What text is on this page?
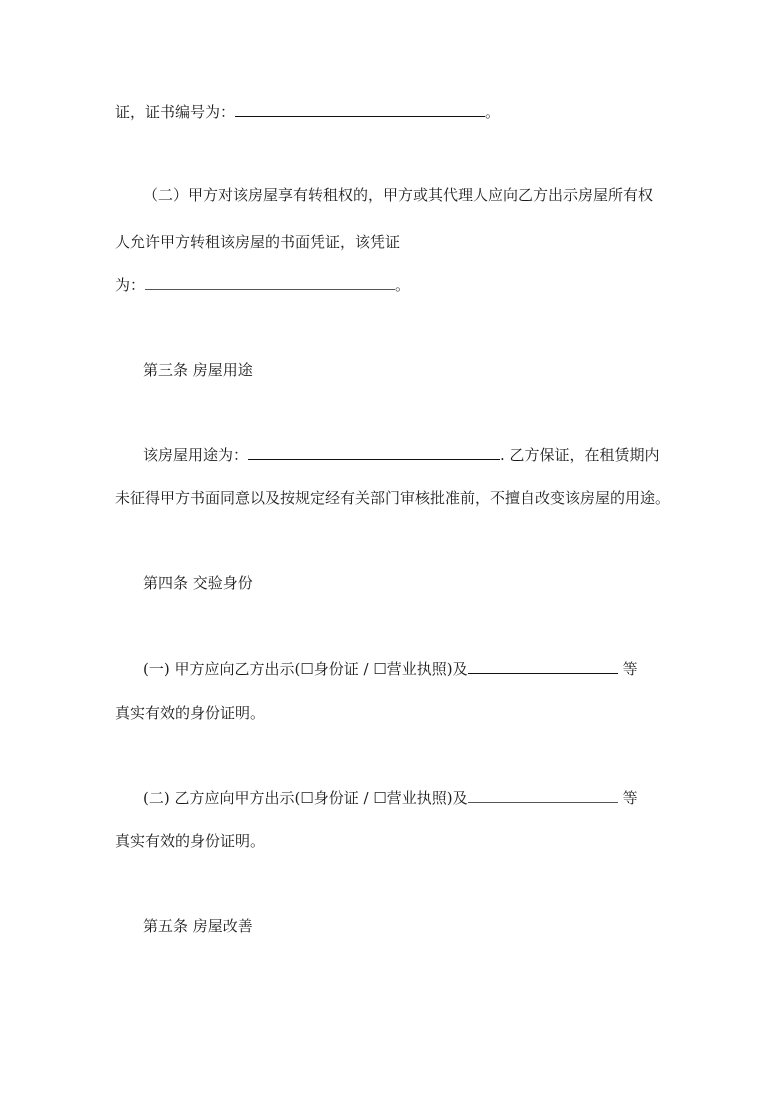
证，证书编号为：	。
（二）甲方对该房屋享有转租权的，甲方或其代理人应向乙方出示房屋所有权
人允许甲方转租该房屋的书面凭证，该凭证
为：	。
第三条 房屋用途
该房屋用途为：	. 乙方保证，在租赁期内
未征得甲方书面同意以及按规定经有关部门审核批准前，不擅自改变该房屋的用途。
第四条 交验身份
(一) 甲方应向乙方出示(☐身份证 / ☐营业执照)及	等
真实有效的身份证明。
(二) 乙方应向甲方出示(☐身份证 / ☐营业执照)及	等
真实有效的身份证明。
第五条 房屋改善
